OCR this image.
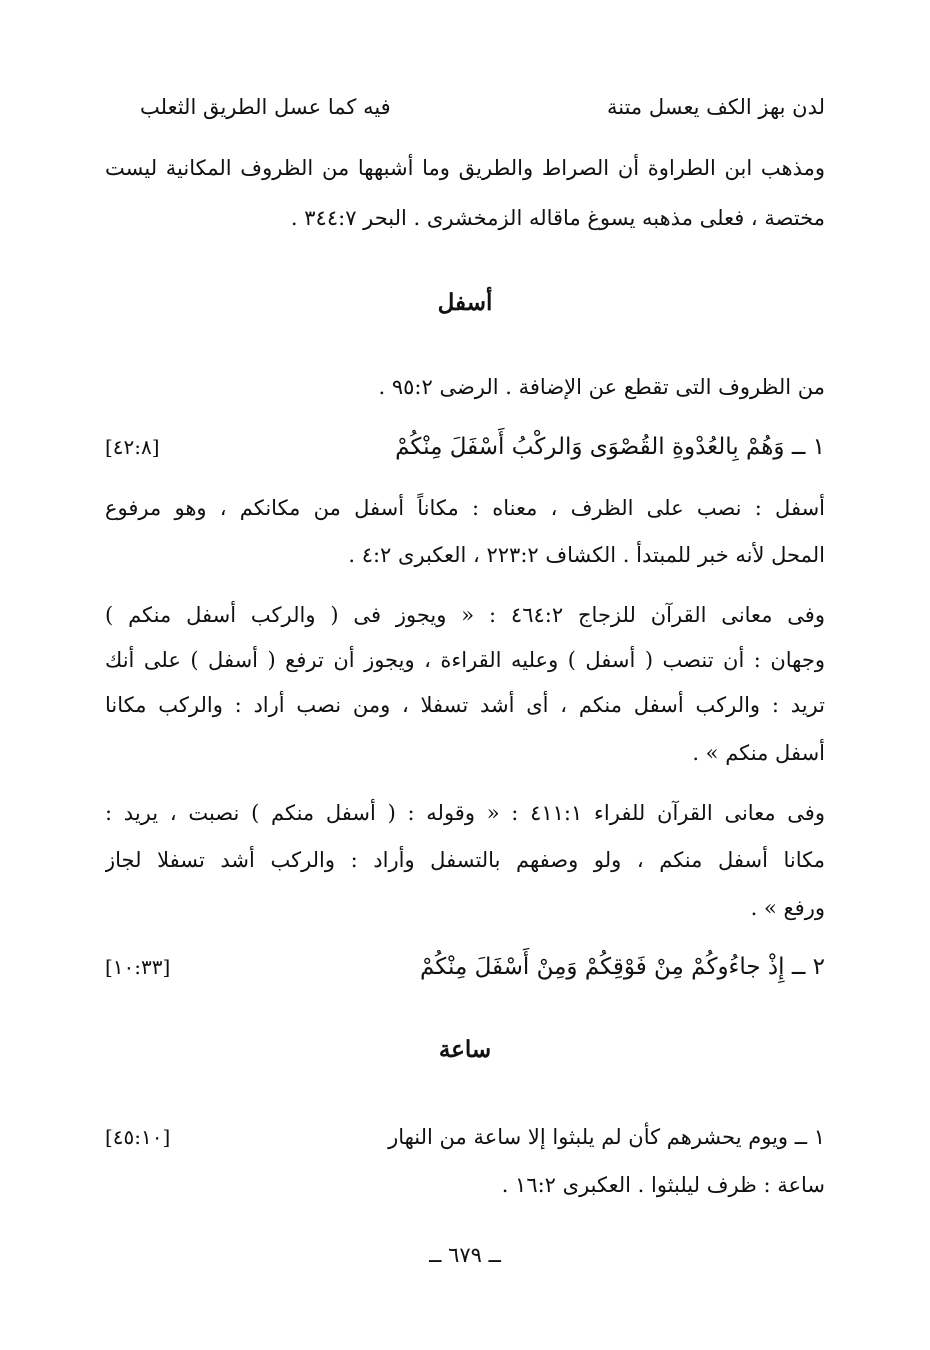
لدن بهز الكف يعسل متنة
فيه كما عسل الطريق الثعلب
ومذهب ابن الطراوة أن الصراط والطريق وما أشبهها من الظروف المكانية ليست
مختصة ، فعلى مذهبه يسوغ ماقاله الزمخشرى . البحر ٣٤٤:٧ .
أسفل
من الظروف التى تقطع عن الإضافة . الرضى ٩٥:٢ .
١ ــ وَهُمْ بِالعُدْوةِ القُصْوَى وَالركْبُ أَسْفَلَ مِنْكُمْ
[٤٢:٨]
أسفل : نصب على الظرف ، معناه : مكاناً أسفل من مكانكم ، وهو مرفوع
المحل لأنه خبر للمبتدأ . الكشاف ٢٢٣:٢ ، العكبرى ٤:٢ .
وفى معانى القرآن للزجاج ٤٦٤:٢ : « ويجوز فى ( والركب أسفل منكم )
وجهان : أن تنصب ( أسفل ) وعليه القراءة ، ويجوز أن ترفع ( أسفل ) على أنك
تريد : والركب أسفل منكم ، أى أشد تسفلا ، ومن نصب أراد : والركب مكانا
أسفل منكم » .
وفى معانى القرآن للفراء ٤١١:١ : « وقوله : ( أسفل منكم ) نصبت ، يريد :
مكانا أسفل منكم ، ولو وصفهم بالتسفل وأراد : والركب أشد تسفلا لجاز
ورفع » .
٢ ــ إِذْ جاءُوكُمْ مِنْ فَوْقِكُمْ وَمِنْ أَسْفَلَ مِنْكُمْ
[١٠:٣٣]
ساعة
١ ــ ويوم يحشرهم كأن لم يلبثوا إلا ساعة من النهار
[٤٥:١٠]
ساعة : ظرف ليلبثوا . العكبرى ١٦:٢ .
ــ ٦٧٩ ــ
